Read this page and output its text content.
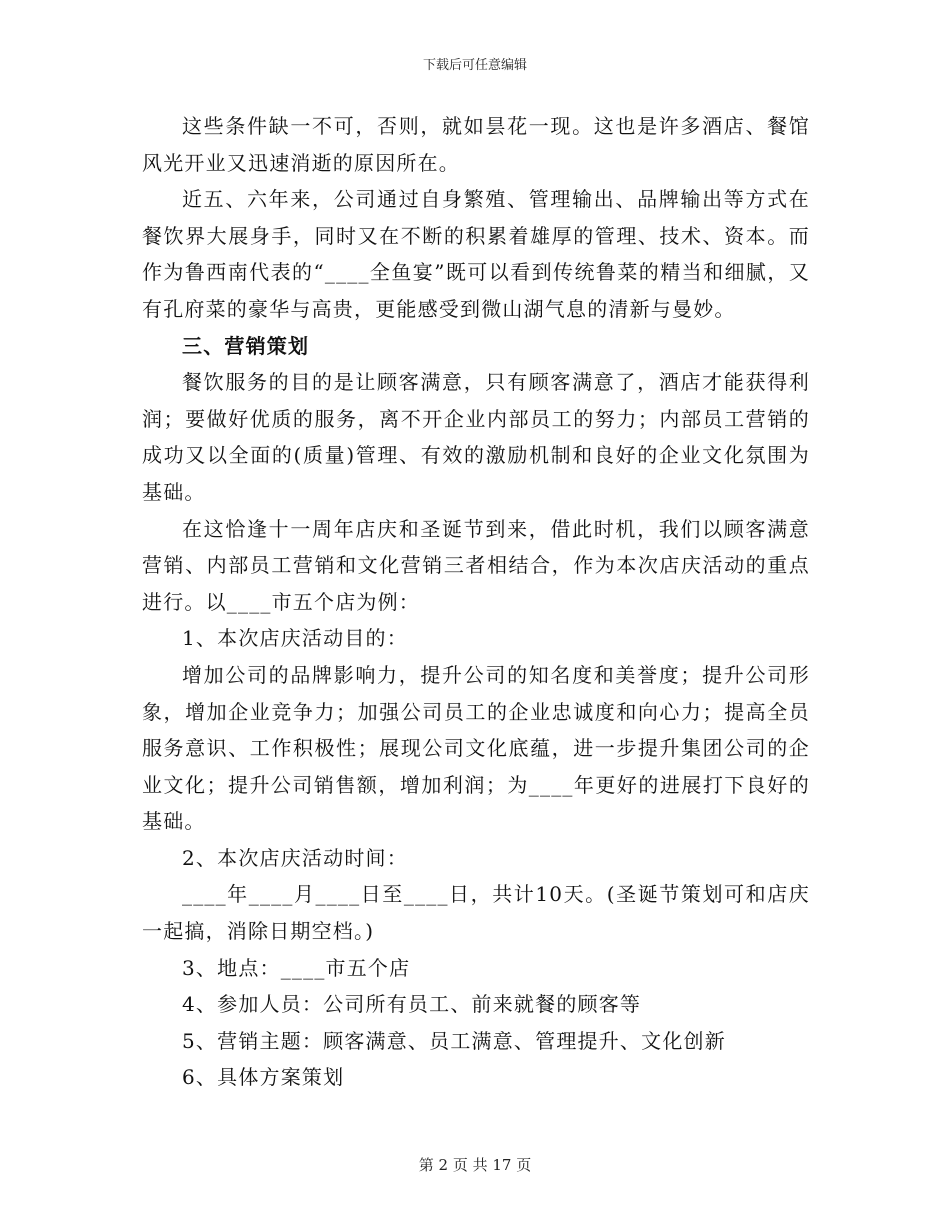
下载后可任意编辑

这些条件缺一不可，否则，就如昙花一现。这也是许多酒店、餐馆风光开业又迅速消逝的原因所在。

近五、六年来，公司通过自身繁殖、管理输出、品牌输出等方式在餐饮界大展身手，同时又在不断的积累着雄厚的管理、技术、资本。而作为鲁西南代表的“____全鱼宴”既可以看到传统鲁菜的精当和细腻，又有孔府菜的豪华与高贵，更能感受到微山湖气息的清新与曼妙。

三、营销策划

餐饮服务的目的是让顾客满意，只有顾客满意了，酒店才能获得利润；要做好优质的服务，离不开企业内部员工的努力；内部员工营销的成功又以全面的(质量)管理、有效的激励机制和良好的企业文化氛围为基础。

在这恰逢十一周年店庆和圣诞节到来，借此时机，我们以顾客满意营销、内部员工营销和文化营销三者相结合，作为本次店庆活动的重点进行。以____市五个店为例：

1、本次店庆活动目的：

增加公司的品牌影响力，提升公司的知名度和美誉度；提升公司形象，增加企业竞争力；加强公司员工的企业忠诚度和向心力；提高全员服务意识、工作积极性；展现公司文化底蕴，进一步提升集团公司的企业文化；提升公司销售额，增加利润；为____年更好的进展打下良好的基础。

2、本次店庆活动时间：

____年____月____日至____日，共计10天。(圣诞节策划可和店庆一起搞，消除日期空档。)

3、地点：____市五个店

4、参加人员：公司所有员工、前来就餐的顾客等

5、营销主题：顾客满意、员工满意、管理提升、文化创新

6、具体方案策划

第 2 页 共 17 页
